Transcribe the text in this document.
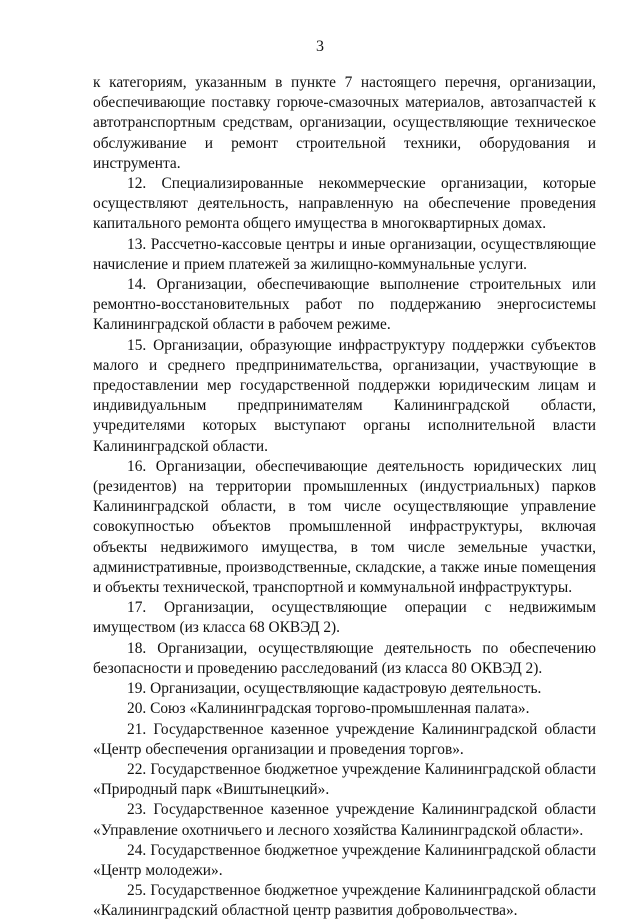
3

к категориям, указанным в пункте 7 настоящего перечня, организации, обеспечивающие поставку горюче-смазочных материалов, автозапчастей к автотранспортным средствам, организации, осуществляющие техническое обслуживание и ремонт строительной техники, оборудования и инструмента.

12. Специализированные некоммерческие организации, которые осуществляют деятельность, направленную на обеспечение проведения капитального ремонта общего имущества в многоквартирных домах.

13. Рассчетно-кассовые центры и иные организации, осуществляющие начисление и прием платежей за жилищно-коммунальные услуги.

14. Организации, обеспечивающие выполнение строительных или ремонтно-восстановительных работ по поддержанию энергосистемы Калининградской области в рабочем режиме.

15. Организации, образующие инфраструктуру поддержки субъектов малого и среднего предпринимательства, организации, участвующие в предоставлении мер государственной поддержки юридическим лицам и индивидуальным предпринимателям Калининградской области, учредителями которых выступают органы исполнительной власти Калининградской области.

16. Организации, обеспечивающие деятельность юридических лиц (резидентов) на территории промышленных (индустриальных) парков Калининградской области, в том числе осуществляющие управление совокупностью объектов промышленной инфраструктуры, включая объекты недвижимого имущества, в том числе земельные участки, административные, производственные, складские, а также иные помещения и объекты технической, транспортной и коммунальной инфраструктуры.

17. Организации, осуществляющие операции с недвижимым имуществом (из класса 68 ОКВЭД 2).

18. Организации, осуществляющие деятельность по обеспечению безопасности и проведению расследований (из класса 80 ОКВЭД 2).

19. Организации, осуществляющие кадастровую деятельность.

20. Союз «Калининградская торгово-промышленная палата».

21. Государственное казенное учреждение Калининградской области «Центр обеспечения организации и проведения торгов».

22. Государственное бюджетное учреждение Калининградской области «Природный парк «Виштынецкий».

23. Государственное казенное учреждение Калининградской области «Управление охотничьего и лесного хозяйства Калининградской области».

24. Государственное бюджетное учреждение Калининградской области «Центр молодежи».

25. Государственное бюджетное учреждение Калининградской области «Калининградский областной центр развития добровольчества».
